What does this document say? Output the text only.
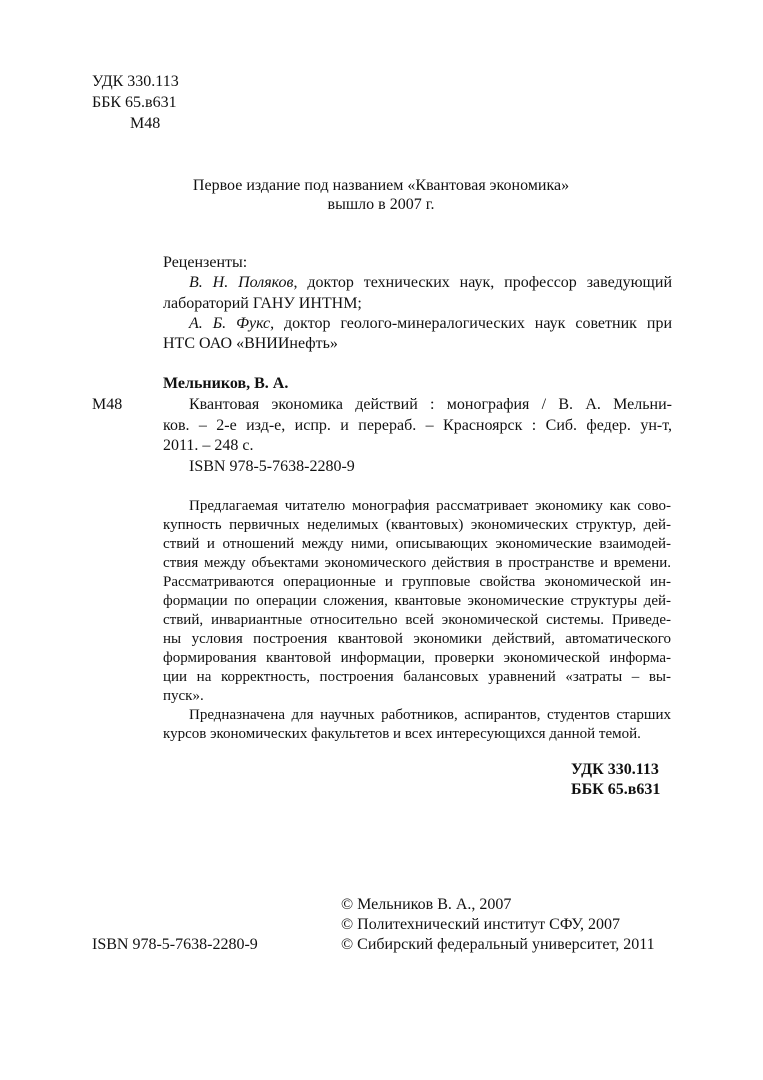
УДК 330.113
ББК 65.в631
М48
Первое издание под названием «Квантовая экономика»
вышло в 2007 г.
Рецензенты:
В. Н. Поляков, доктор технических наук, профессор заведующий
лабораторий ГАНУ ИНТНМ;
А. Б. Фукс, доктор геолого-минералогических наук советник при
НТС ОАО «ВНИИнефть»
Мельников, В. А.
М48	Квантовая экономика действий : монография / В. А. Мельни-
ков. – 2-е изд-е, испр. и перераб. – Красноярск : Сиб. федер. ун-т,
2011. – 248 с.
ISBN 978-5-7638-2280-9
Предлагаемая читателю монография рассматривает экономику как сово-
купность первичных неделимых (квантовых) экономических структур, дей-
ствий и отношений между ними, описывающих экономические взаимодей-
ствия между объектами экономического действия в пространстве и времени.
Рассматриваются операционные и групповые свойства экономической ин-
формации по операции сложения, квантовые экономические структуры дей-
ствий, инвариантные относительно всей экономической системы. Приведе-
ны условия построения квантовой экономики действий, автоматического
формирования квантовой информации, проверки экономической информа-
ции на корректность, построения балансовых уравнений «затраты – вы-
пуск».
Предназначена для научных работников, аспирантов, студентов старших
курсов экономических факультетов и всех интересующихся данной темой.
УДК 330.113
ББК 65.в631
© Мельников В. А., 2007
© Политехнический институт СФУ, 2007
ISBN 978-5-7638-2280-9	© Сибирский федеральный университет, 2011
